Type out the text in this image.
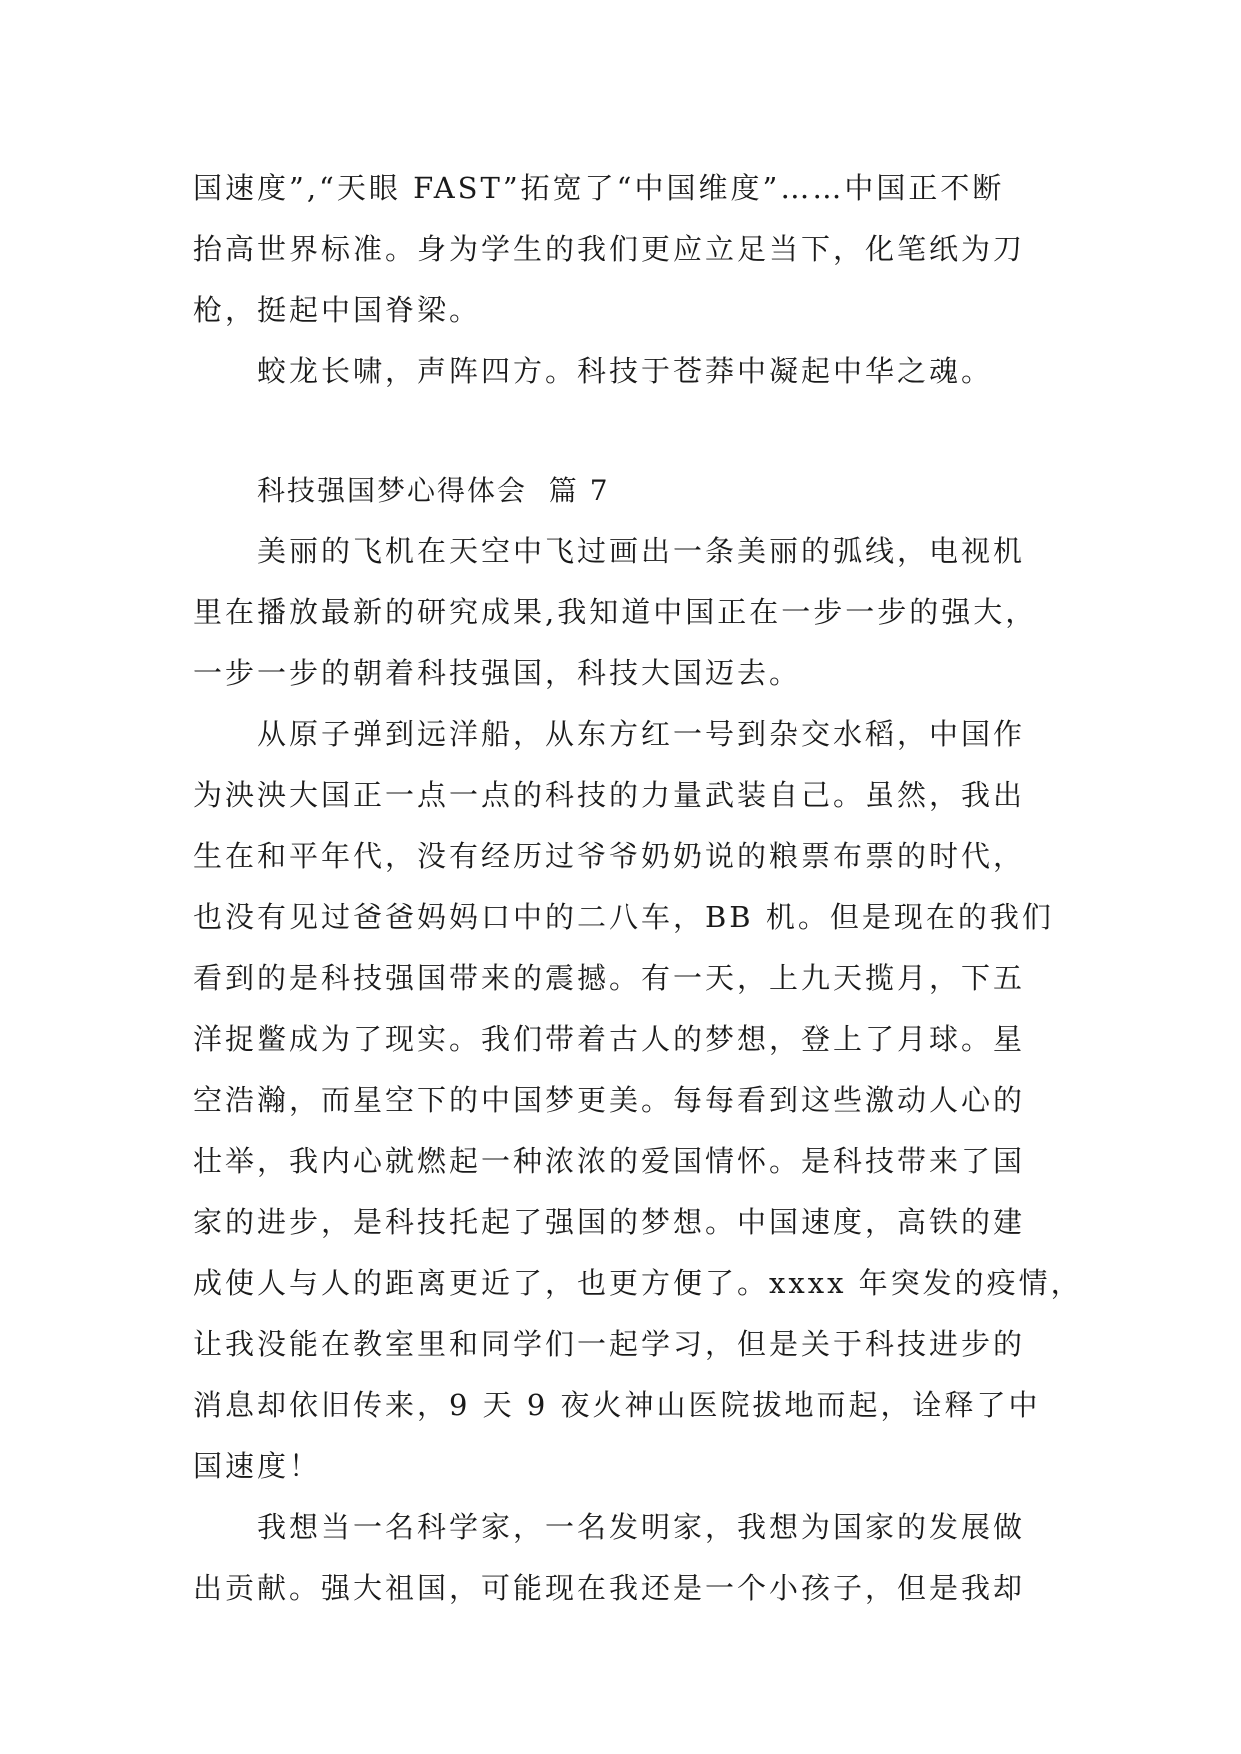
国速度”,“天眼 FAST”拓宽了“中国维度”……中国正不断
抬高世界标准。身为学生的我们更应立足当下，化笔纸为刀
枪，挺起中国脊梁。
蛟龙长啸，声阵四方。科技于苍莽中凝起中华之魂。
科技强国梦心得体会  篇 7
美丽的飞机在天空中飞过画出一条美丽的弧线，电视机
里在播放最新的研究成果,我知道中国正在一步一步的强大，
一步一步的朝着科技强国，科技大国迈去。
从原子弹到远洋船，从东方红一号到杂交水稻，中国作
为泱泱大国正一点一点的科技的力量武装自己。虽然，我出
生在和平年代，没有经历过爷爷奶奶说的粮票布票的时代，
也没有见过爸爸妈妈口中的二八车，BB 机。但是现在的我们
看到的是科技强国带来的震撼。有一天，上九天揽月，下五
洋捉鳖成为了现实。我们带着古人的梦想，登上了月球。星
空浩瀚，而星空下的中国梦更美。每每看到这些激动人心的
壮举，我内心就燃起一种浓浓的爱国情怀。是科技带来了国
家的进步，是科技托起了强国的梦想。中国速度，高铁的建
成使人与人的距离更近了，也更方便了。xxxx 年突发的疫情，
让我没能在教室里和同学们一起学习，但是关于科技进步的
消息却依旧传来，9 天 9 夜火神山医院拔地而起，诠释了中
国速度！
我想当一名科学家，一名发明家，我想为国家的发展做
出贡献。强大祖国，可能现在我还是一个小孩子，但是我却
